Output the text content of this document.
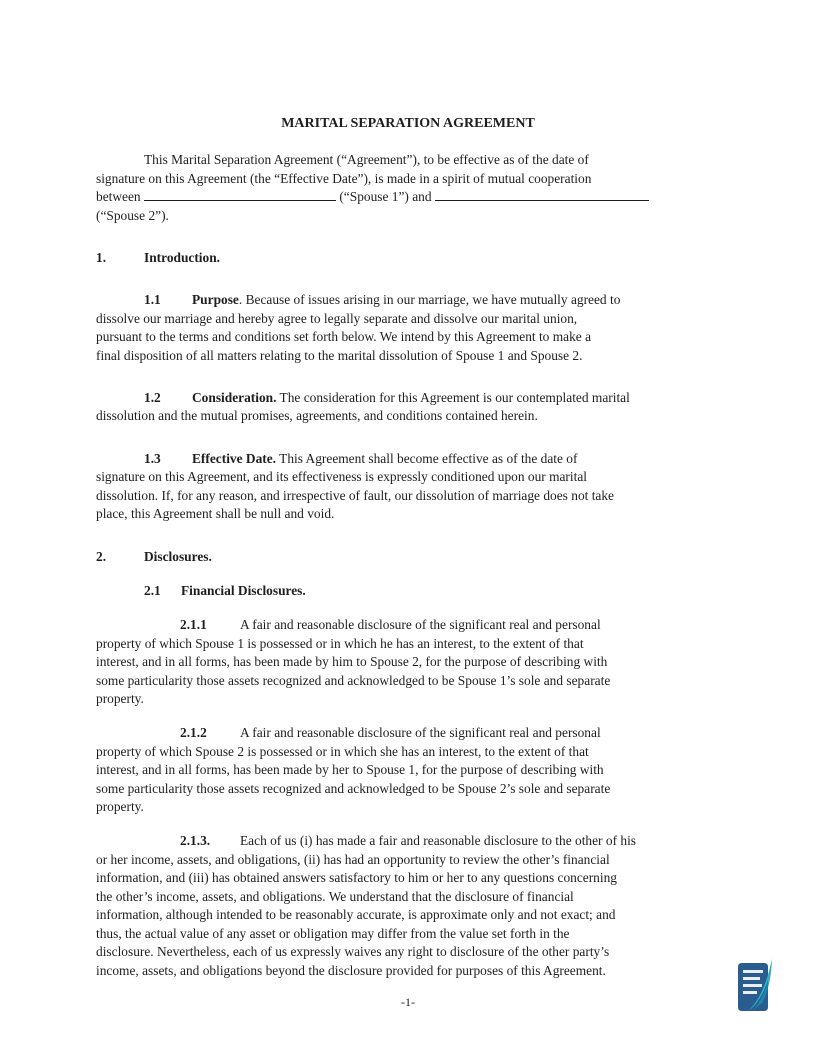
MARITAL SEPARATION AGREEMENT
This Marital Separation Agreement (“Agreement”), to be effective as of the date of
signature on this Agreement (the “Effective Date”), is made in a spirit of mutual cooperation
between	(“Spouse 1”) and
(“Spouse 2”).
1.	Introduction.
1.1 Purpose. Because of issues arising in our marriage, we have mutually agreed to
dissolve our marriage and hereby agree to legally separate and dissolve our marital union,
pursuant to the terms and conditions set forth below. We intend by this Agreement to make a
final disposition of all matters relating to the marital dissolution of Spouse 1 and Spouse 2.
1.2 Consideration. The consideration for this Agreement is our contemplated marital
dissolution and the mutual promises, agreements, and conditions contained herein.
1.3 Effective Date. This Agreement shall become effective as of the date of
signature on this Agreement, and its effectiveness is expressly conditioned upon our marital
dissolution. If, for any reason, and irrespective of fault, our dissolution of marriage does not take
place, this Agreement shall be null and void.
2.	Disclosures.
2.1 Financial Disclosures.
2.1.1 A fair and reasonable disclosure of the significant real and personal
property of which Spouse 1 is possessed or in which he has an interest, to the extent of that
interest, and in all forms, has been made by him to Spouse 2, for the purpose of describing with
some particularity those assets recognized and acknowledged to be Spouse 1’s sole and separate
property.
2.1.2 A fair and reasonable disclosure of the significant real and personal
property of which Spouse 2 is possessed or in which she has an interest, to the extent of that
interest, and in all forms, has been made by her to Spouse 1, for the purpose of describing with
some particularity those assets recognized and acknowledged to be Spouse 2’s sole and separate
property.
2.1.3. Each of us (i) has made a fair and reasonable disclosure to the other of his
or her income, assets, and obligations, (ii) has had an opportunity to review the other’s financial
information, and (iii) has obtained answers satisfactory to him or her to any questions concerning
the other’s income, assets, and obligations. We understand that the disclosure of financial
information, although intended to be reasonably accurate, is approximate only and not exact; and
thus, the actual value of any asset or obligation may differ from the value set forth in the
disclosure. Nevertheless, each of us expressly waives any right to disclosure of the other party’s
income, assets, and obligations beyond the disclosure provided for purposes of this Agreement.
-1-
